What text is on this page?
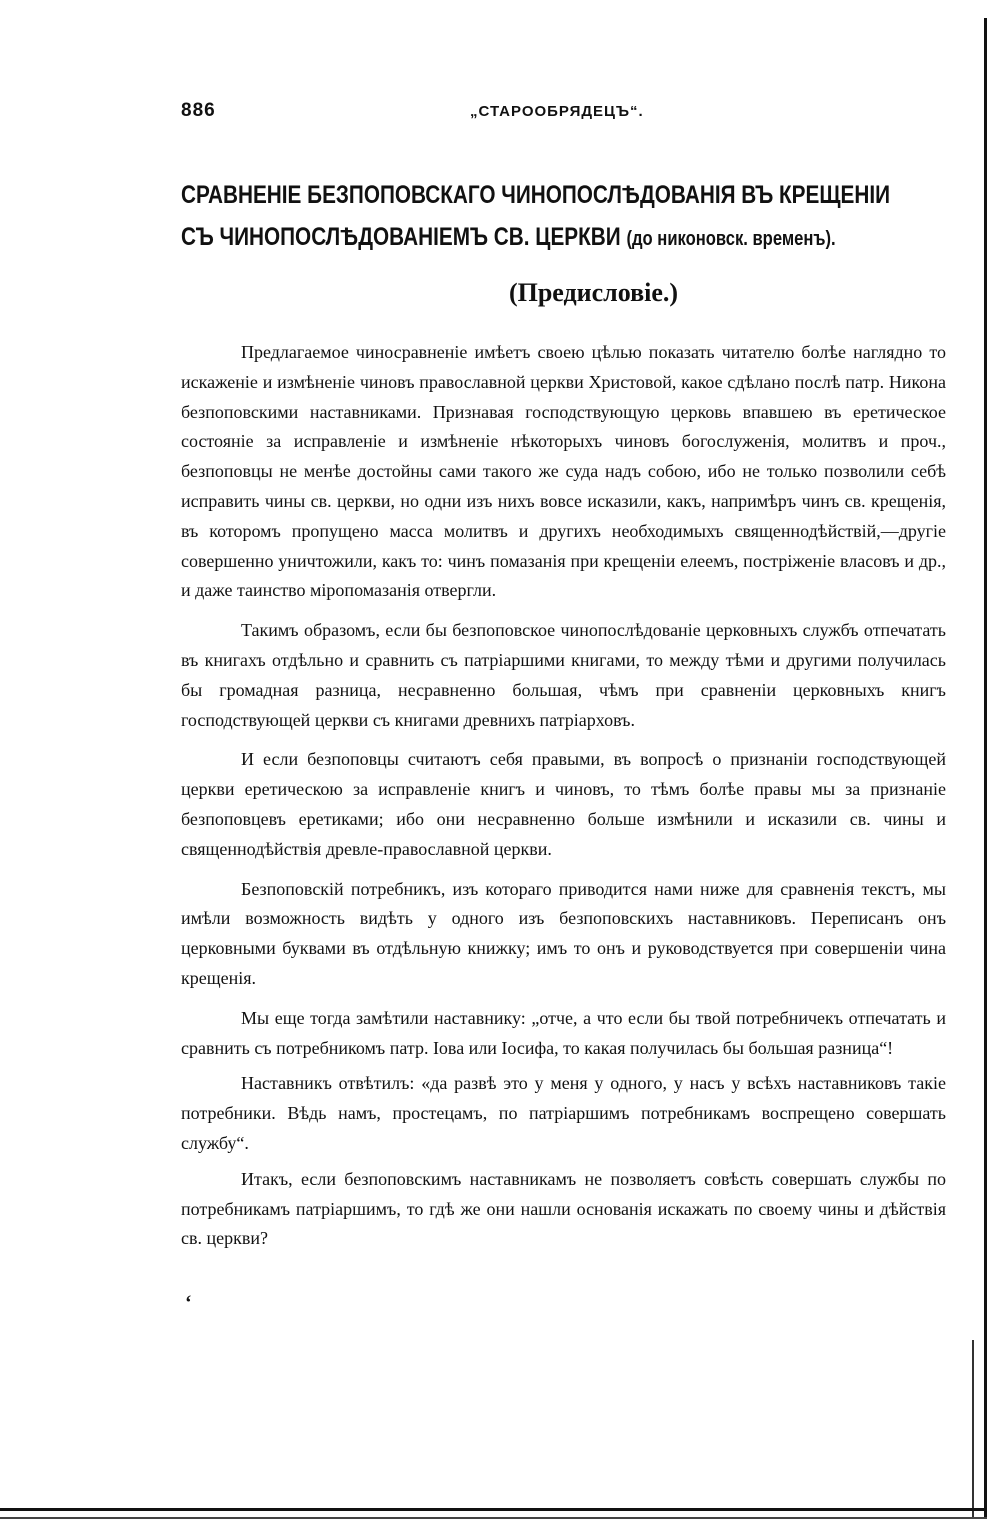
886	„СТАРООБРЯДЕЦЪ“.
СРАВНЕНIЕ БЕЗПОПОВСКАГО ЧИНОПОСЛѢДОВАНIЯ ВЪ КРЕЩЕНIИ
СЪ ЧИНОПОСЛѢДОВАНIЕМЪ СВ. ЦЕРКВИ (до никоновск. временъ).
(Предисловiе.)

Предлагаемое чиносравненiе имѣетъ своею цѣлью показать читателю болѣе наглядно то искаженiе и измѣненiе чиновъ православной церкви Христовой, какое сдѣлано послѣ патр. Никона безпоповскими наставниками. Признавая господствующую церковь впавшею въ еретическое состоянiе за исправленiе и измѣненiе нѣкоторыхъ чиновъ богослуженiя, молитвъ и проч., безпоповцы не менѣе достойны сами такого же суда надъ собою, ибо не только позволили себѣ исправить чины св. церкви, но одни изъ нихъ вовсе исказили, какъ, напримѣръ чинъ св. крещенiя, въ которомъ пропущено масса молитвъ и другихъ необходимыхъ священнодѣйствiй,—другiе совершенно уничтожили, какъ то: чинъ помазанiя при крещенiи елеемъ, пострiженiе власовъ и др., и даже таинство мiропомазанiя отвергли.

Такимъ образомъ, если бы безпоповское чинопослѣдованiе церковныхъ службъ отпечатать въ книгахъ отдѣльно и сравнить съ патрiаршими книгами, то между тѣми и другими получилась бы громадная разница, несравненно большая, чѣмъ при сравненiи церковныхъ книгъ господствующей церкви съ книгами древнихъ патрiарховъ.

И если безпоповцы считаютъ себя правыми, въ вопросѣ о признанiи господствующей церкви еретическою за исправленiе книгъ и чиновъ, то тѣмъ болѣе правы мы за признанiе безпоповцевъ еретиками; ибо они несравненно больше измѣнили и исказили св. чины и священнодѣйствiя древле-православной церкви.

Безпоповскiй потребникъ, изъ котораго приводится нами ниже для сравненiя текстъ, мы имѣли возможность видѣть у одного изъ безпоповскихъ наставниковъ. Переписанъ онъ церковными буквами въ отдѣльную книжку; имъ то онъ и руководствуется при совершенiи чина крещенiя.

Мы еще тогда замѣтили наставнику: „отче, а что если бы твой потребничекъ отпечатать и сравнить съ потребникомъ патр. Iова или Iосифа, то какая получилась бы большая разница“!

Наставникъ отвѣтилъ: «да развѣ это у меня у одного, у насъ у всѣхъ наставниковъ такiе потребники. Вѣдь намъ, простецамъ, по патрiаршимъ потребникамъ воспрещено совершать службу“.

Итакъ, если безпоповскимъ наставникамъ не позволяетъ совѣсть совершать службы по потребникамъ патрiаршимъ, то гдѣ же они нашли основанiя искажать по своему чины и дѣйствiя св. церкви?

ʻ
